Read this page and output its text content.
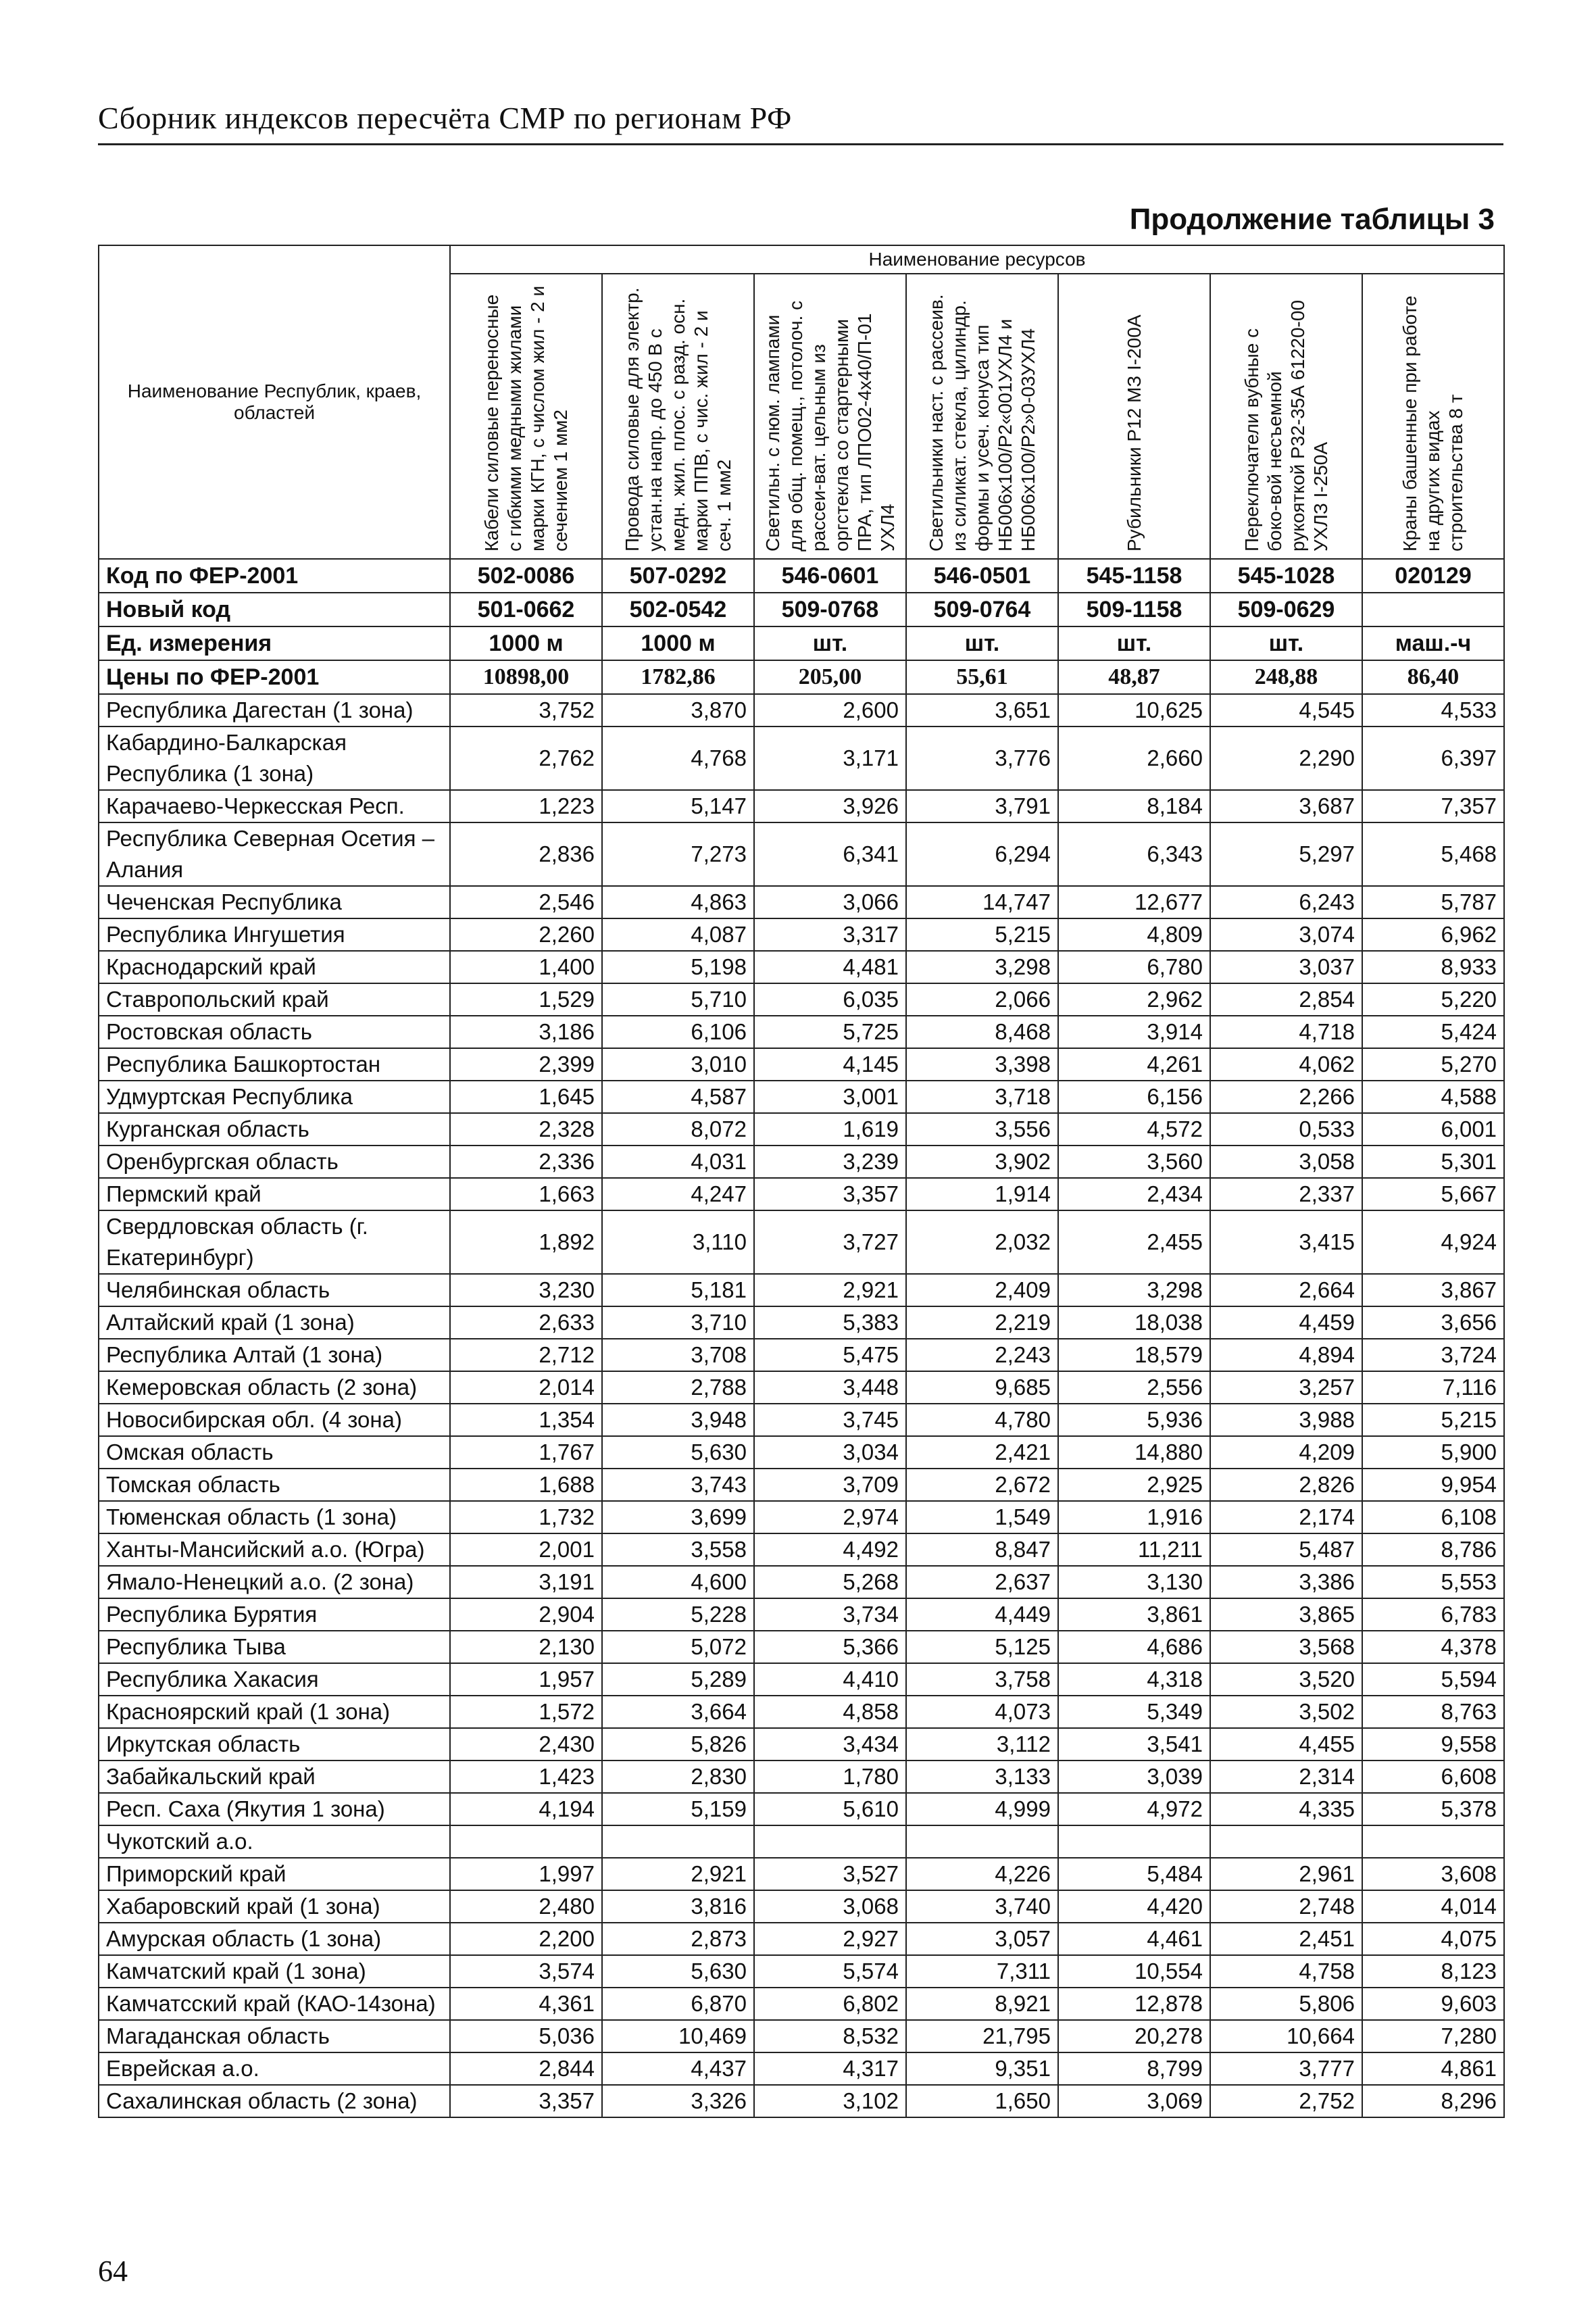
Сборник индексов пересчёта СМР по регионам РФ
Продолжение таблицы 3
Наименование Республик, краев, областей	Наименование ресурсов						

	Кабели силовые переносные с гибкими медными жилами марки КГН, с числом жил - 2 и сечением 1 мм2	Провода силовые для электр. устан.на напр. до 450 В с медн. жил. плос. с разд. осн. марки ППВ, с чис. жил - 2 и сеч. 1 мм2	Светильн. с люм. лампами для общ. помещ., потолоч. с рассеи-ват. цельным из оргстекла со стартерными ПРА, тип ЛПО02-4х40/П-01 УХЛ4	Светильники наст. с рассеив. из силикат. стекла, цилиндр. формы и усеч. конуса тип НБ006х100/Р2«001УХЛ4 и НБ006х100/Р2»0-03УХЛ4	Рубильники Р12 МЗ I-200А	Переключатели вубные с боко-вой несъемной рукояткой Р32-35А 61220-00 УХЛЗ I-250А	Краны башенные при работе на других видах строительства 8 т

Код по ФЕР-2001	502-0086	507-0292	546-0601	546-0501	545-1158	545-1028	020129
Новый код	501-0662	502-0542	509-0768	509-0764	509-1158	509-0629	
Ед. измерения	1000 м	1000 м	шт.	шт.	шт.	шт.	маш.-ч
Цены по ФЕР-2001	10898,00	1782,86	205,00	55,61	48,87	248,88	86,40
Республика Дагестан (1 зона)	3,752	3,870	2,600	3,651	10,625	4,545	4,533
Кабардино-Балкарская Республика (1 зона)	2,762	4,768	3,171	3,776	2,660	2,290	6,397
Карачаево-Черкесская Респ.	1,223	5,147	3,926	3,791	8,184	3,687	7,357
Республика Северная Осетия – Алания	2,836	7,273	6,341	6,294	6,343	5,297	5,468
Чеченская Республика	2,546	4,863	3,066	14,747	12,677	6,243	5,787
Республика Ингушетия	2,260	4,087	3,317	5,215	4,809	3,074	6,962
Краснодарский край	1,400	5,198	4,481	3,298	6,780	3,037	8,933
Ставропольский край	1,529	5,710	6,035	2,066	2,962	2,854	5,220
Ростовская область	3,186	6,106	5,725	8,468	3,914	4,718	5,424
Республика Башкортостан	2,399	3,010	4,145	3,398	4,261	4,062	5,270
Удмуртская Республика	1,645	4,587	3,001	3,718	6,156	2,266	4,588
Курганская область	2,328	8,072	1,619	3,556	4,572	0,533	6,001
Оренбургская область	2,336	4,031	3,239	3,902	3,560	3,058	5,301
Пермский край	1,663	4,247	3,357	1,914	2,434	2,337	5,667
Свердловская область (г. Екатеринбург)	1,892	3,110	3,727	2,032	2,455	3,415	4,924
Челябинская область	3,230	5,181	2,921	2,409	3,298	2,664	3,867
Алтайский край (1 зона)	2,633	3,710	5,383	2,219	18,038	4,459	3,656
Республика Алтай (1 зона)	2,712	3,708	5,475	2,243	18,579	4,894	3,724
Кемеровская область (2 зона)	2,014	2,788	3,448	9,685	2,556	3,257	7,116
Новосибирская обл. (4 зона)	1,354	3,948	3,745	4,780	5,936	3,988	5,215
Омская область	1,767	5,630	3,034	2,421	14,880	4,209	5,900
Томская область	1,688	3,743	3,709	2,672	2,925	2,826	9,954
Тюменская область (1 зона)	1,732	3,699	2,974	1,549	1,916	2,174	6,108
Ханты-Мансийский а.о. (Югра)	2,001	3,558	4,492	8,847	11,211	5,487	8,786
Ямало-Ненецкий а.о. (2 зона)	3,191	4,600	5,268	2,637	3,130	3,386	5,553
Республика Бурятия	2,904	5,228	3,734	4,449	3,861	3,865	6,783
Республика Тыва	2,130	5,072	5,366	5,125	4,686	3,568	4,378
Республика Хакасия	1,957	5,289	4,410	3,758	4,318	3,520	5,594
Красноярский край (1 зона)	1,572	3,664	4,858	4,073	5,349	3,502	8,763
Иркутская область	2,430	5,826	3,434	3,112	3,541	4,455	9,558
Забайкальский край	1,423	2,830	1,780	3,133	3,039	2,314	6,608
Респ. Саха (Якутия 1 зона)	4,194	5,159	5,610	4,999	4,972	4,335	5,378
Чукотский а.о.							
Приморский край	1,997	2,921	3,527	4,226	5,484	2,961	3,608
Хабаровский край (1 зона)	2,480	3,816	3,068	3,740	4,420	2,748	4,014
Амурская область (1 зона)	2,200	2,873	2,927	3,057	4,461	2,451	4,075
Камчатский край (1 зона)	3,574	5,630	5,574	7,311	10,554	4,758	8,123
Камчатсский край (КАО-14зона)	4,361	6,870	6,802	8,921	12,878	5,806	9,603
Магаданская область	5,036	10,469	8,532	21,795	20,278	10,664	7,280
Еврейская а.о.	2,844	4,437	4,317	9,351	8,799	3,777	4,861
Сахалинская область (2 зона)	3,357	3,326	3,102	1,650	3,069	2,752	8,296
64
